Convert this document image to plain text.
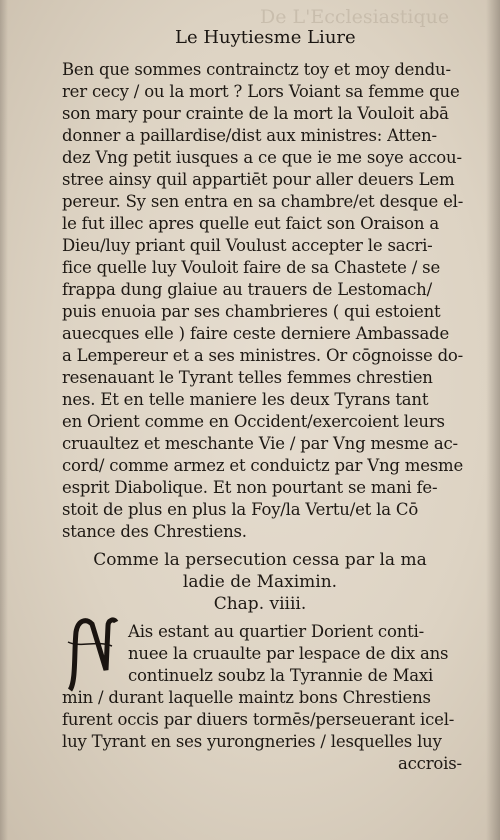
De L'Ecclesiastique
Le Huytiesme Liure
Ben que sommes contrainctz toy et moy dendu-
rer cecy / ou la mort ? Lors Voiant sa femme que
son mary pour crainte de la mort la Vouloit abā
donner a paillardise/dist aux ministres: Atten-
dez Vng petit iusques a ce que ie me soye accou-
stree ainsy quil appartiēt pour aller deuers Lem
pereur. Sy sen entra en sa chambre/et desque el-
le fut illec apres quelle eut faict son Oraison a
Dieu/luy priant quil Voulust accepter le sacri-
fice quelle luy Vouloit faire de sa Chastete / se
frappa dung glaiue au trauers de Lestomach/
puis enuoia par ses chambrieres ( qui estoient
auecques elle ) faire ceste derniere Ambassade
a Lempereur et a ses ministres. Or cōgnoisse do-
resenauant le Tyrant telles femmes chrestien
nes. Et en telle maniere les deux Tyrans tant
en Orient comme en Occident/exercoient leurs
cruaultez et meschante Vie / par Vng mesme ac-
cord/ comme armez et conduictz par Vng mesme
esprit Diabolique. Et non pourtant se mani fe-
stoit de plus en plus la Foy/la Vertu/et la Cō
stance des Chrestiens.
Comme la persecution cessa par la ma
ladie de Maximin.
Chap. viiii.
Ais estant au quartier Dorient conti-
nuee la cruaulte par lespace de dix ans
continuelz soubz la Tyrannie de Maxi
min / durant laquelle maintz bons Chrestiens
furent occis par diuers tormēs/perseuerant icel-
luy Tyrant en ses yurongneries / lesquelles luy
accrois-
